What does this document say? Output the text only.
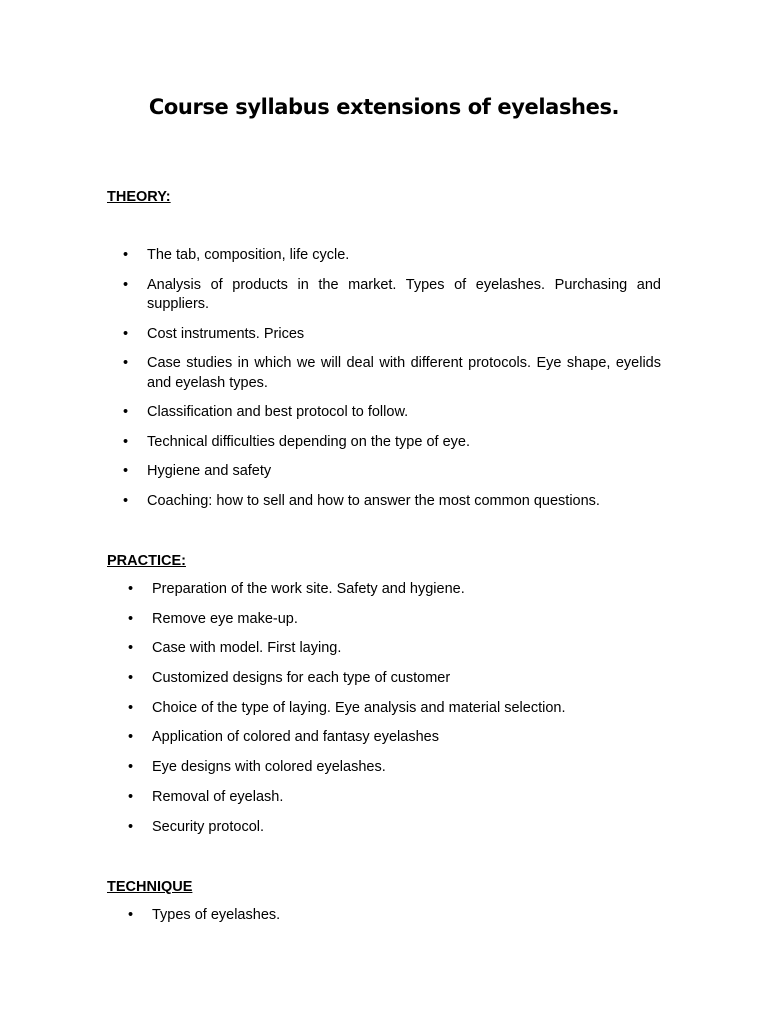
Course syllabus extensions of eyelashes.
THEORY:
• The tab, composition, life cycle.
• Analysis of products in the market. Types of eyelashes. Purchasing and suppliers.
• Cost instruments. Prices
• Case studies in which we will deal with different protocols. Eye shape, eyelids and eyelash types.
• Classification and best protocol to follow.
• Technical difficulties depending on the type of eye.
• Hygiene and safety
• Coaching: how to sell and how to answer the most common questions.
PRACTICE:
• Preparation of the work site. Safety and hygiene.
• Remove eye make-up.
• Case with model. First laying.
• Customized designs for each type of customer
• Choice of the type of laying. Eye analysis and material selection.
• Application of colored and fantasy eyelashes
• Eye designs with colored eyelashes.
• Removal of eyelash.
• Security protocol.
TECHNIQUE
• Types of eyelashes.
